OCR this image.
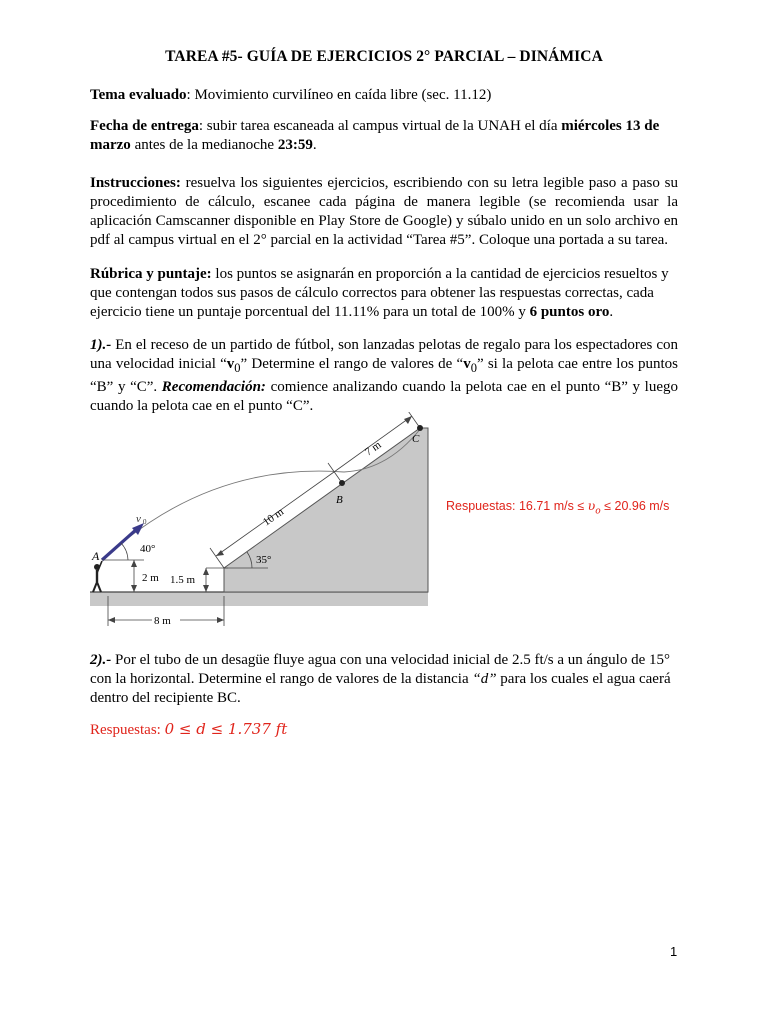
TAREA #5- GUÍA DE EJERCICIOS 2° PARCIAL – DINÁMICA
Tema evaluado: Movimiento curvilíneo en caída libre (sec. 11.12)
Fecha de entrega: subir tarea escaneada al campus virtual de la UNAH el día miércoles 13 de marzo antes de la medianoche 23:59.
Instrucciones: resuelva los siguientes ejercicios, escribiendo con su letra legible paso a paso su procedimiento de cálculo, escanee cada página de manera legible (se recomienda usar la aplicación Camscanner disponible en Play Store de Google) y súbalo unido en un solo archivo en pdf al campus virtual en el 2° parcial en la actividad “Tarea #5”. Coloque una portada a su tarea.
Rúbrica y puntaje: los puntos se asignarán en proporción a la cantidad de ejercicios resueltos y que contengan todos sus pasos de cálculo correctos para obtener las respuestas correctas, cada ejercicio tiene un puntaje porcentual del 11.11% para un total de 100% y 6 puntos oro.
1).- En el receso de un partido de fútbol, son lanzadas pelotas de regalo para los espectadores con una velocidad inicial “$v_0$” Determine el rango de valores de “$v_0$” si la pelota cae entre los puntos “B” y “C”. Recomendación: comience analizando cuando la pelota cae en el punto “B” y luego cuando la pelota cae en el punto “C”.
v 0
A
B
C
40°
35°
2 m 1.5 m
8 m
10 m
7 m
Respuestas: 16.71 $m/s \le \upsilon_o \le 20.96$ m/s
2).- Por el tubo de un desagüe fluye agua con una velocidad inicial de 2.5 ft/s a un ángulo de 15° con la horizontal. Determine el rango de valores de la distancia “d” para los cuales el agua caerá dentro del recipiente BC.
Respuestas: 0 ≤ d ≤ 1.737 ft
1
